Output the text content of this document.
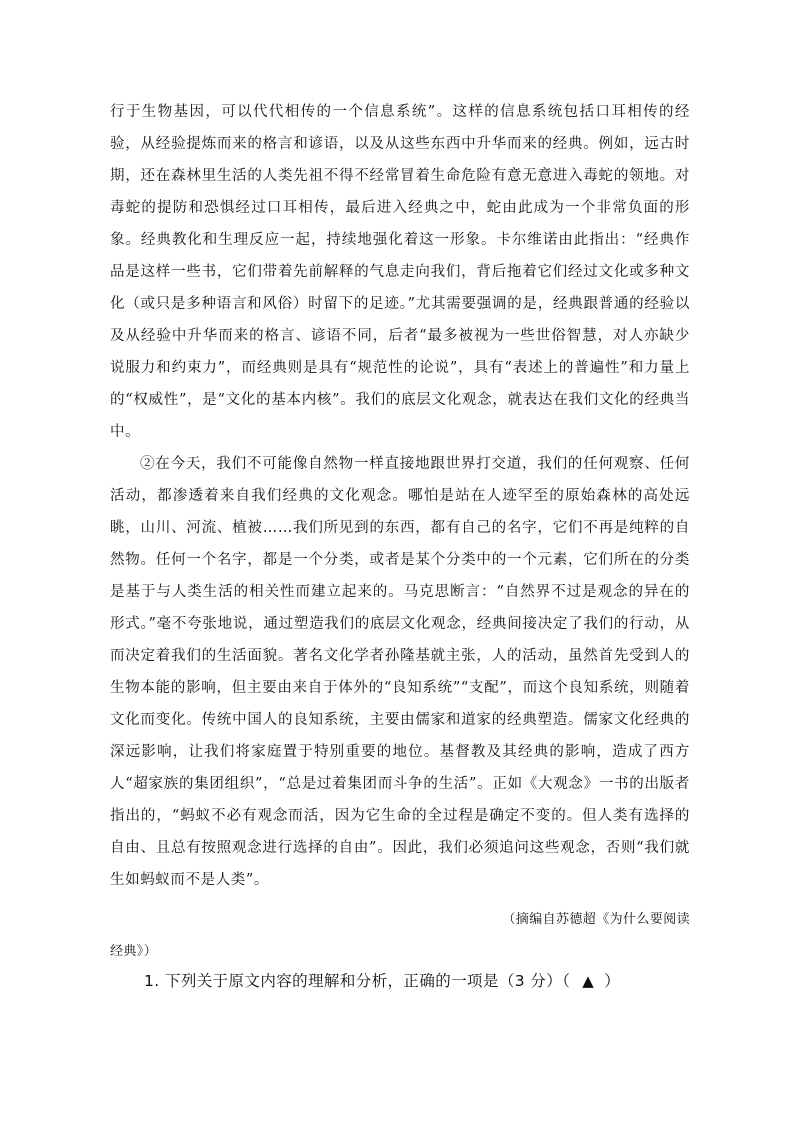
行于生物基因，可以代代相传的一个信息系统”。这样的信息系统包括口耳相传的经验，从经验提炼而来的格言和谚语，以及从这些东西中升华而来的经典。例如，远古时期，还在森林里生活的人类先祖不得不经常冒着生命危险有意无意进入毒蛇的领地。对毒蛇的提防和恐惧经过口耳相传，最后进入经典之中，蛇由此成为一个非常负面的形象。经典教化和生理反应一起，持续地强化着这一形象。卡尔维诺由此指出：“经典作品是这样一些书，它们带着先前解释的气息走向我们，背后拖着它们经过文化或多种文化（或只是多种语言和风俗）时留下的足迹。”尤其需要强调的是，经典跟普通的经验以及从经验中升华而来的格言、谚语不同，后者“最多被视为一些世俗智慧，对人亦缺少说服力和约束力”，而经典则是具有“规范性的论说”，具有“表述上的普遍性”和力量上的“权威性”，是“文化的基本内核”。我们的底层文化观念，就表达在我们文化的经典当中。

②在今天，我们不可能像自然物一样直接地跟世界打交道，我们的任何观察、任何活动，都渗透着来自我们经典的文化观念。哪怕是站在人迹罕至的原始森林的高处远眺，山川、河流、植被……我们所见到的东西，都有自己的名字，它们不再是纯粹的自然物。任何一个名字，都是一个分类，或者是某个分类中的一个元素，它们所在的分类是基于与人类生活的相关性而建立起来的。马克思断言：“自然界不过是观念的异在的形式。”毫不夸张地说，通过塑造我们的底层文化观念，经典间接决定了我们的行动，从而决定着我们的生活面貌。著名文化学者孙隆基就主张，人的活动，虽然首先受到人的生物本能的影响，但主要由来自于体外的“良知系统”“支配”，而这个良知系统，则随着文化而变化。传统中国人的良知系统，主要由儒家和道家的经典塑造。儒家文化经典的深远影响，让我们将家庭置于特别重要的地位。基督教及其经典的影响，造成了西方人“超家族的集团组织”，“总是过着集团而斗争的生活”。正如《大观念》一书的出版者指出的，“蚂蚁不必有观念而活，因为它生命的全过程是确定不变的。但人类有选择的自由、且总有按照观念进行选择的自由”。因此，我们必须追问这些观念，否则“我们就生如蚂蚁而不是人类”。

（摘编自苏德超《为什么要阅读
经典》）
1. 下列关于原文内容的理解和分析，正确的一项是（3 分）（ ▲ ）
